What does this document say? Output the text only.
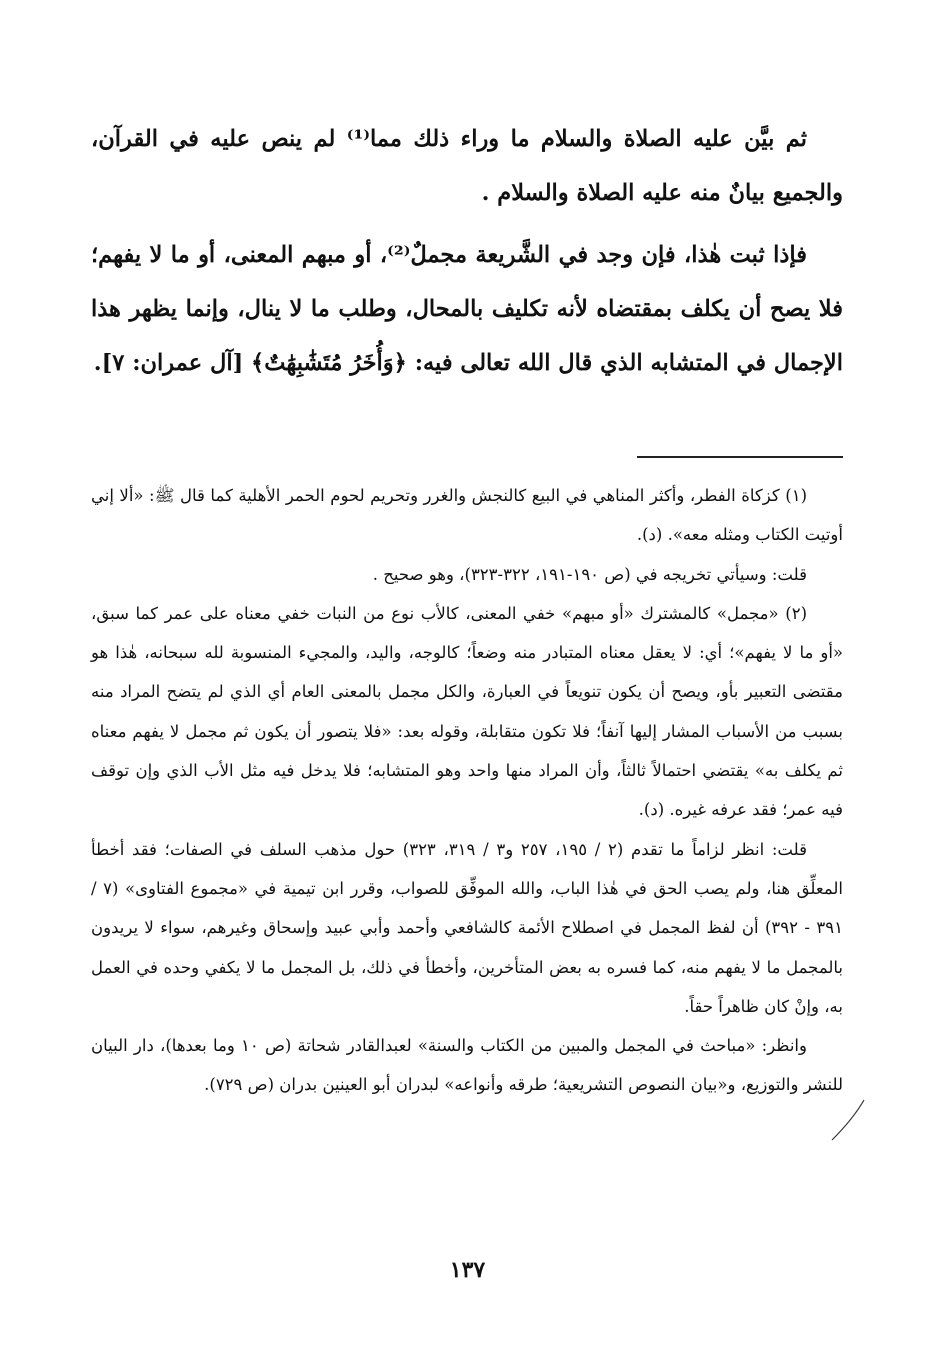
ثم بيَّن عليه الصلاة والسلام ما وراء ذلك مما⁽¹⁾ لم ينص عليه في القرآن، والجميع بيانٌ منه عليه الصلاة والسلام .

فإذا ثبت هٰذا، فإن وجد في الشَّريعة مجملٌ⁽²⁾، أو مبهم المعنى، أو ما لا يفهم؛ فلا يصح أن يكلف بمقتضاه لأنه تكليف بالمحال، وطلب ما لا ينال، وإنما يظهر هذا الإجمال في المتشابه الذي قال الله تعالى فيه: ﴿وَأُخَرُ مُتَشَٰبِهَٰتٌ﴾ [آل عمران: ٧].

(١) كزكاة الفطر، وأكثر المناهي في البيع كالنجش والغرر وتحريم لحوم الحمر الأهلية كما قال ﷺ: «ألا إني أوتيت الكتاب ومثله معه». (د).

قلت: وسيأتي تخريجه في (ص ١٩٠-١٩١، ٣٢٢-٣٢٣)، وهو صحيح .

(٢) «مجمل» كالمشترك «أو مبهم» خفي المعنى، كالأب نوع من النبات خفي معناه على عمر كما سبق، «أو ما لا يفهم»؛ أي: لا يعقل معناه المتبادر منه وضعاً؛ كالوجه، واليد، والمجيء المنسوبة لله سبحانه، هٰذا هو مقتضى التعبير بأو، ويصح أن يكون تنويعاً في العبارة، والكل مجمل بالمعنى العام أي الذي لم يتضح المراد منه بسبب من الأسباب المشار إليها آنفاً؛ فلا تكون متقابلة، وقوله بعد: «فلا يتصور أن يكون ثم مجمل لا يفهم معناه ثم يكلف به» يقتضي احتمالاً ثالثاً، وأن المراد منها واحد وهو المتشابه؛ فلا يدخل فيه مثل الأب الذي وإن توقف فيه عمر؛ فقد عرفه غيره. (د).

قلت: انظر لزاماً ما تقدم (٢ / ١٩٥، ٢٥٧ و٣ / ٣١٩، ٣٢٣) حول مذهب السلف في الصفات؛ فقد أخطأ المعلِّق هنا، ولم يصب الحق في هٰذا الباب، والله الموفِّق للصواب، وقرر ابن تيمية في «مجموع الفتاوى» (٧ / ٣٩١ - ٣٩٢) أن لفظ المجمل في اصطلاح الأئمة كالشافعي وأحمد وأبي عبيد وإسحاق وغيرهم، سواء لا يريدون بالمجمل ما لا يفهم منه، كما فسره به بعض المتأخرين، وأخطأ في ذلك، بل المجمل ما لا يكفي وحده في العمل به، وإنْ كان ظاهراً حقاً.

وانظر: «مباحث في المجمل والمبين من الكتاب والسنة» لعبدالقادر شحاتة (ص ١٠ وما بعدها)، دار البيان للنشر والتوزيع، و«بيان النصوص التشريعية؛ طرقه وأنواعه» لبدران أبو العينين بدران (ص ٧٢٩).

١٣٧
